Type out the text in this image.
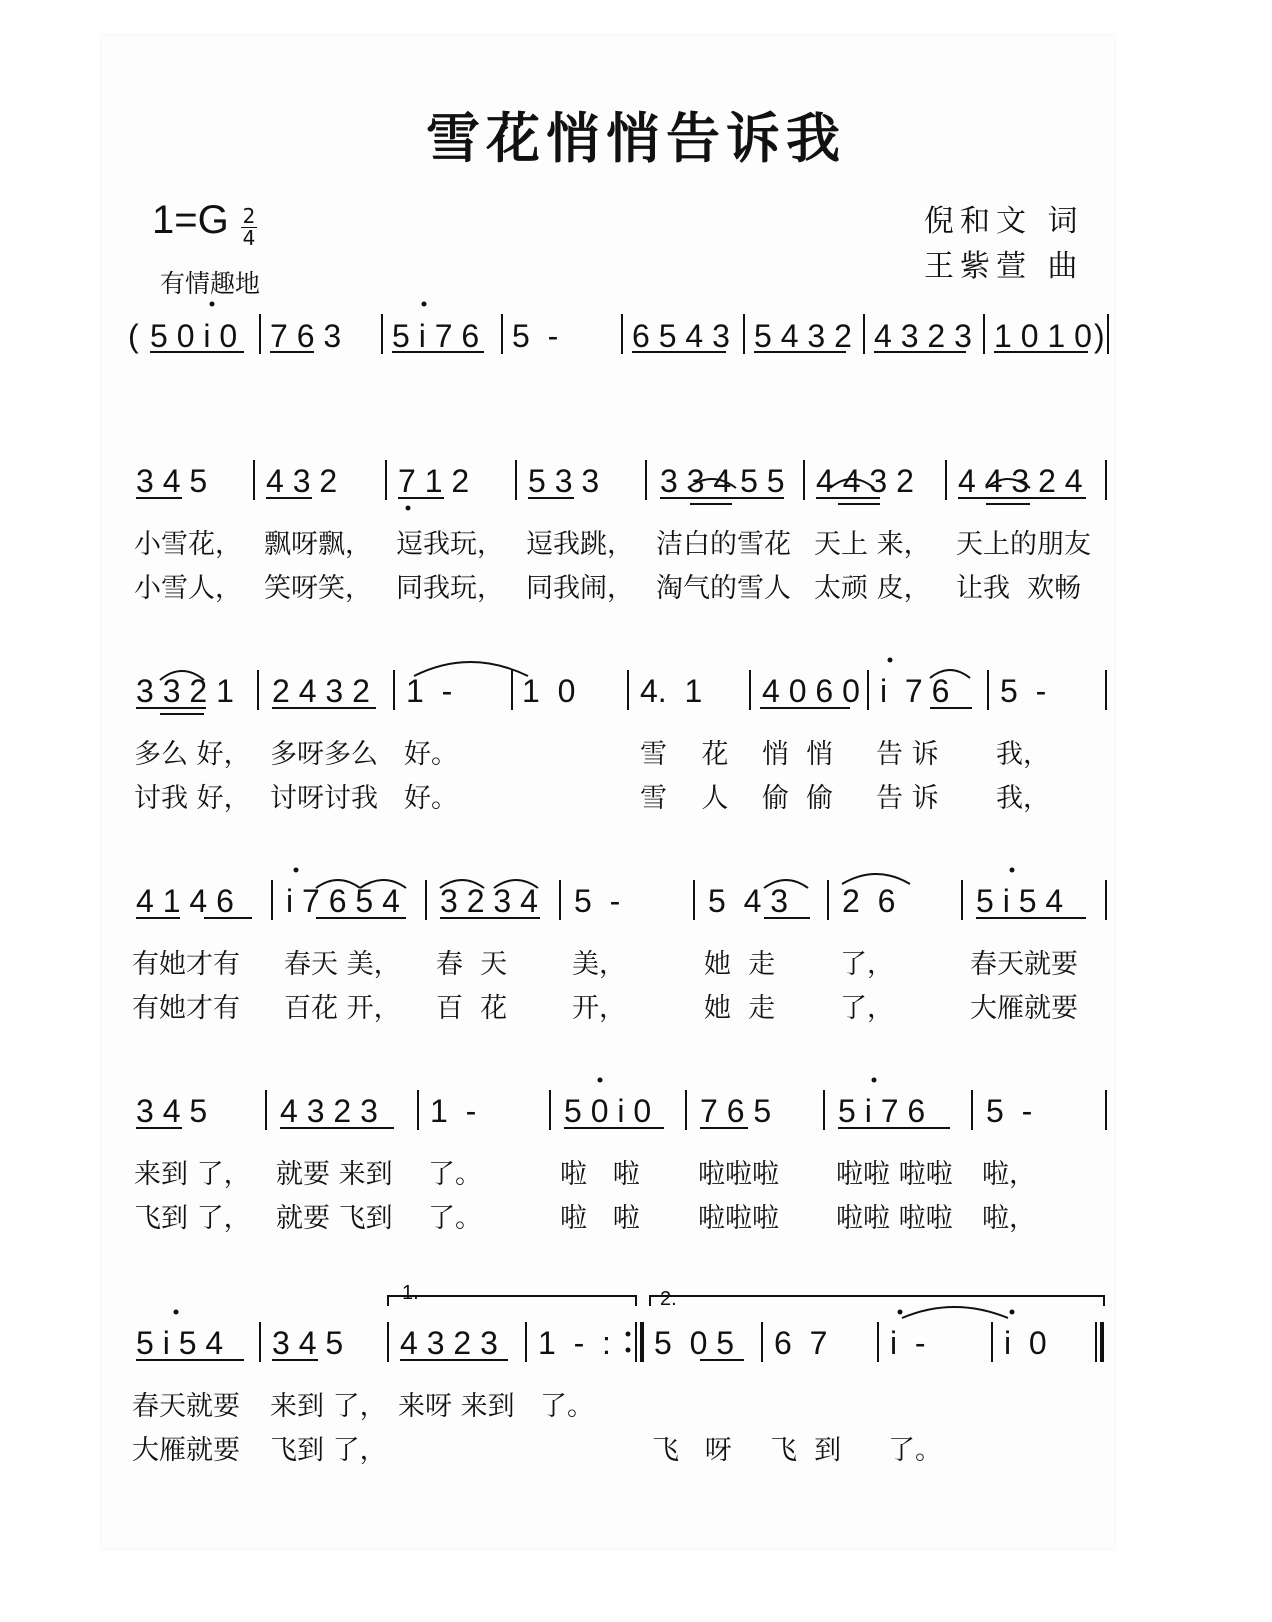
雪花悄悄告诉我
1=G 2
4
有情趣地
倪和文 词
王紫萱 曲
( 5 0 i 0 7 6 3 5 i 7 6 5  - 6 5 4 3 5 4 3 2 4 3 2 3 1 0 1 0 )
3 4 5 4 3 2 7 1 2 5 3 3 3 3 4 5 5 4 4 3 2 4 4 3 2 4
小雪花， 飘呀飘， 逗我玩， 逗我跳， 洁白的雪花 天上 来， 天上的朋友
小雪人， 笑呀笑， 同我玩， 同我闹， 淘气的雪人 太顽 皮， 让我  欢畅
3 3 2 1 2 4 3 2 1  - 1  0 4.  1 4 0 6 0 i  7 6 5  -
多么 好， 多呀多么 好。	雪    花 悄  悄 告 诉 我，
讨我 好， 讨呀讨我 好。	雪    人 偷  偷 告 诉 我，
4 1 4 6 i 7 6 5 4 3 2 3 4 5  -	5  4 3 2  6	5 i 5 4
有她才有 春天 美， 春  天 美，	她  走 了，	春天就要
有她才有 百花 开， 百  花 开，	她  走 了，	大雁就要
3 4 5 4 3 2 3 1  -	5 0 i 0 7 6 5 5 i 7 6 5  -
来到 了， 就要 来到 了。	啦   啦 啦啦啦 啦啦 啦啦 啦，
飞到 了， 就要 飞到 了。	啦   啦 啦啦啦 啦啦 啦啦 啦，
1.	2.
5 i 5 4 3 4 5 4 3 2 3 1  -  : 5  0 5 6  7 i  - i  0
春天就要 来到 了， 来呀 来到 了。
大雁就要 飞到 了，	飞   呀 飞  到 了。
